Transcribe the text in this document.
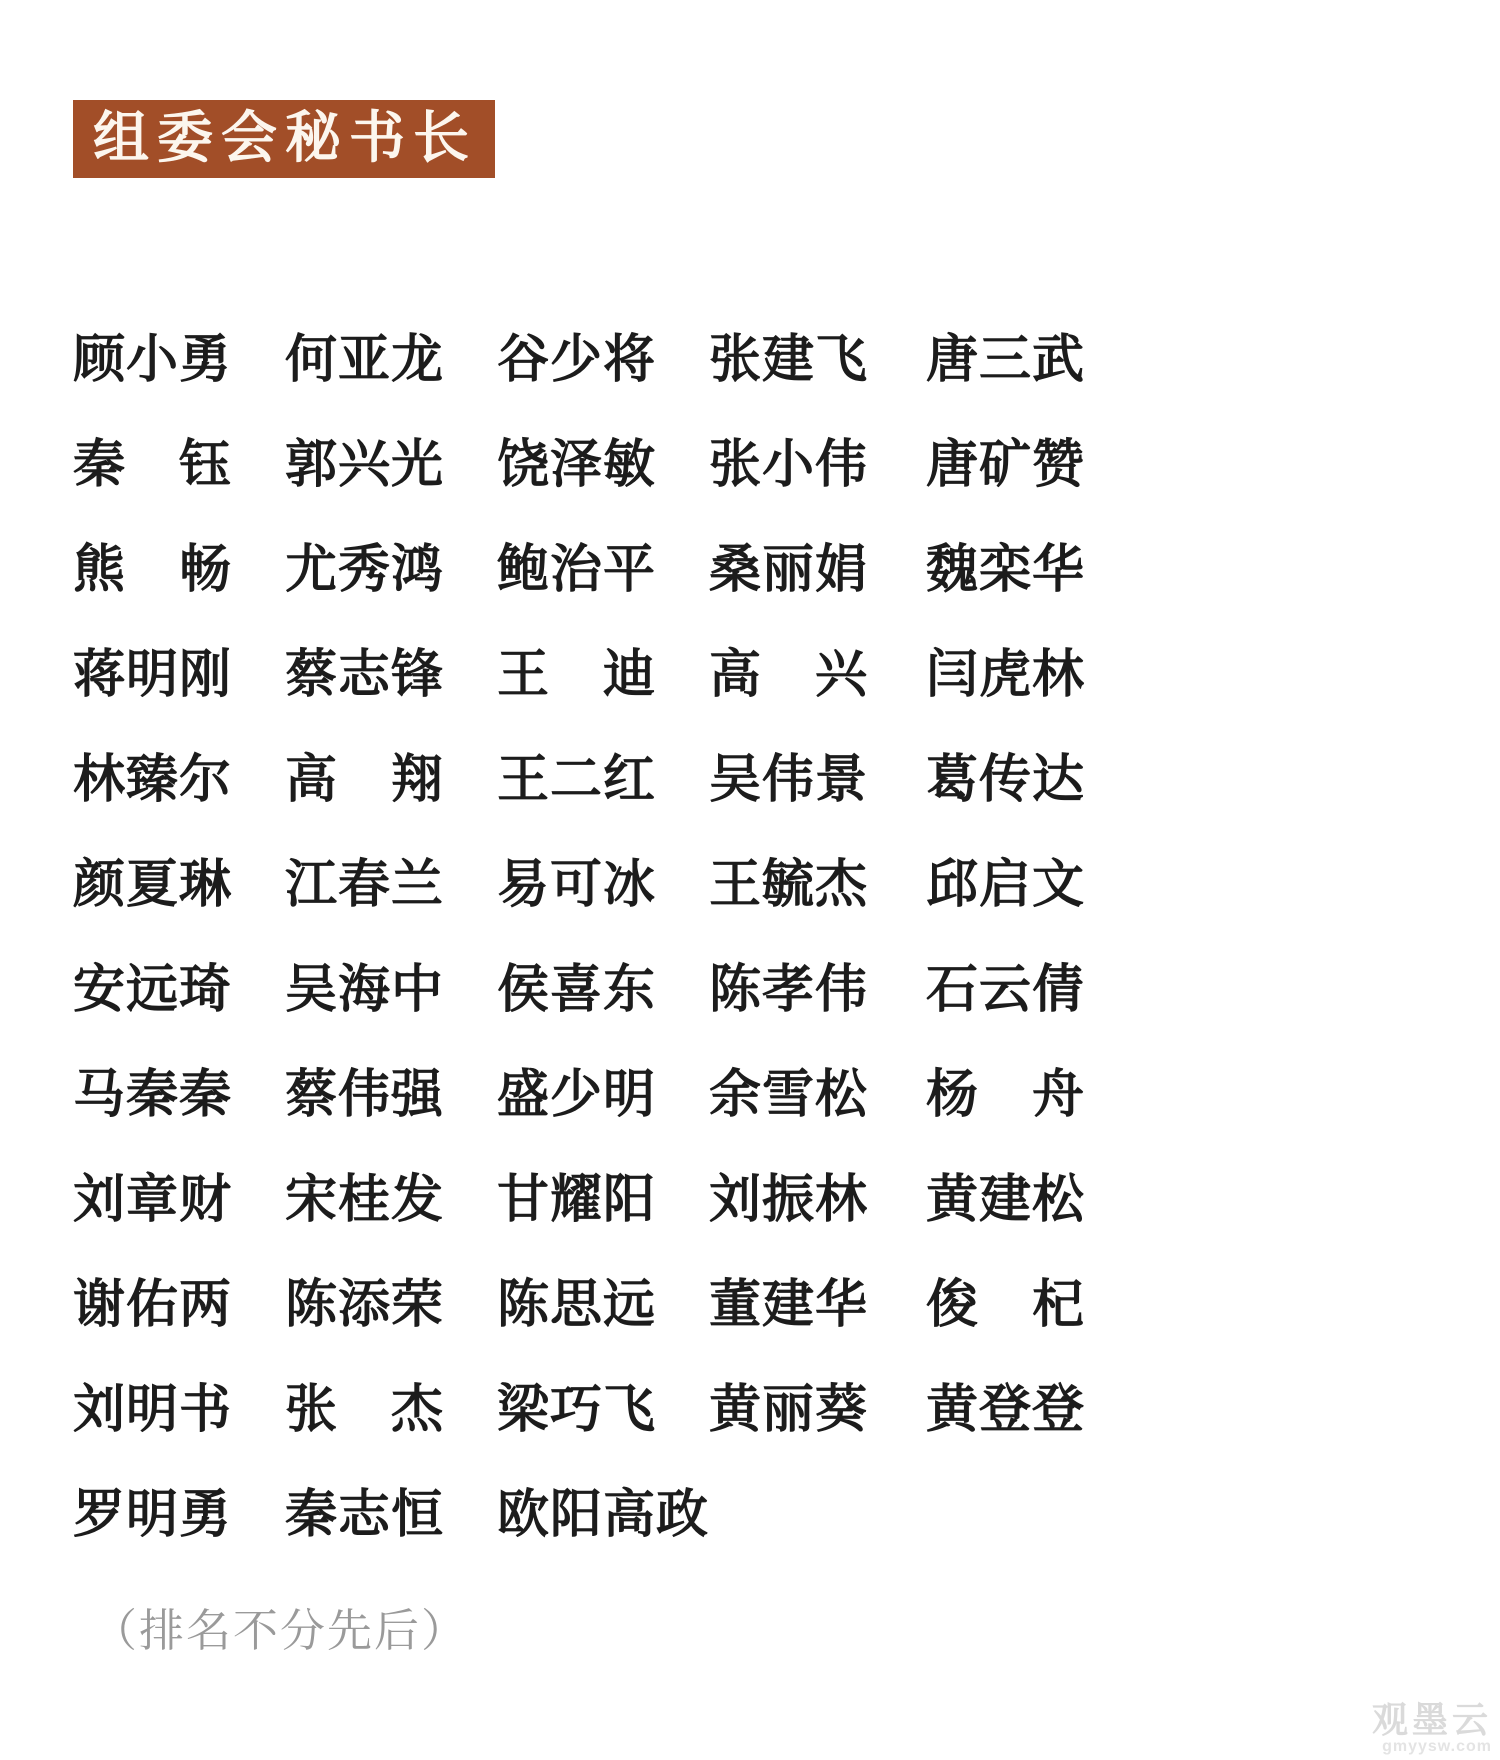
组委会秘书长
顾小勇	何亚龙	谷少将	张建飞	唐三武
秦　钰	郭兴光	饶泽敏	张小伟	唐矿赞
熊　畅	尤秀鸿	鲍治平	桑丽娟	魏栾华
蒋明刚	蔡志锋	王　迪	高　兴	闫虎林
林臻尔	高　翔	王二红	吴伟景	葛传达
颜夏琳	江春兰	易可冰	王毓杰	邱启文
安远琦	吴海中	侯喜东	陈孝伟	石云倩
马秦秦	蔡伟强	盛少明	余雪松	杨　舟
刘章财	宋桂发	甘耀阳	刘振林	黄建松
谢佑两	陈添荣	陈思远	董建华	俊　杞
刘明书	张　杰	梁巧飞	黄丽葵	黄登登
罗明勇	秦志恒	欧阳高政
（排名不分先后）
观墨云
gmyysw.com
